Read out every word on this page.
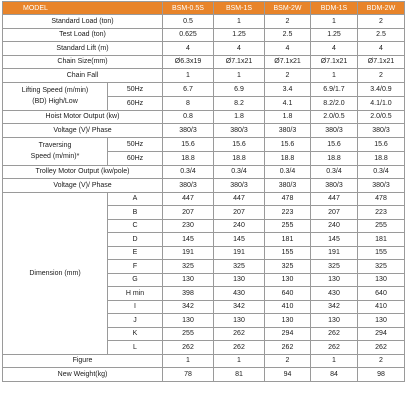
MODEL		BSM-0.5S	BSM-1S	BSM-2W	BDM-1S	BDM-2W
Standard Load (ton)		0.5	1	2	1	2
Test Load (ton)		0.625	1.25	2.5	1.25	2.5
Standard Lift (m)		4	4	4	4	4
Chain Size(mm)		Ø6.3x19	Ø7.1x21	Ø7.1x21	Ø7.1x21	Ø7.1x21
Chain Fall		1	1	2	1	2
Lifting Speed (m/min)
(BD) High/Low	50Hz	6.7	6.9	3.4	6.9/1.7	3.4/0.9
	60Hz	8	8.2	4.1	8.2/2.0	4.1/1.0
Hoist Motor Output (kw)		0.8	1.8	1.8	2.0/0.5	2.0/0.5
Voltage (V)/ Phase		380/3	380/3	380/3	380/3	380/3
Traversing
Speed (m/min)*	50Hz	15.6	15.6	15.6	15.6	15.6
	60Hz	18.8	18.8	18.8	18.8	18.8
Trolley Motor Output (kw/pole)		0.3/4	0.3/4	0.3/4	0.3/4	0.3/4
Voltage (V)/ Phase		380/3	380/3	380/3	380/3	380/3
Dimension (mm)	A	447	447	478	447	478
	B	207	207	223	207	223
	C	230	240	255	240	255
	D	145	145	181	145	181
	E	191	191	155	191	155
	F	325	325	325	325	325
	G	130	130	130	130	130
	H min	398	430	640	430	640
	I	342	342	410	342	410
	J	130	130	130	130	130
	K	255	262	294	262	294
	L	262	262	262	262	262
Figure		1	1	2	1	2
New Weight(kg)		78	81	94	84	98
